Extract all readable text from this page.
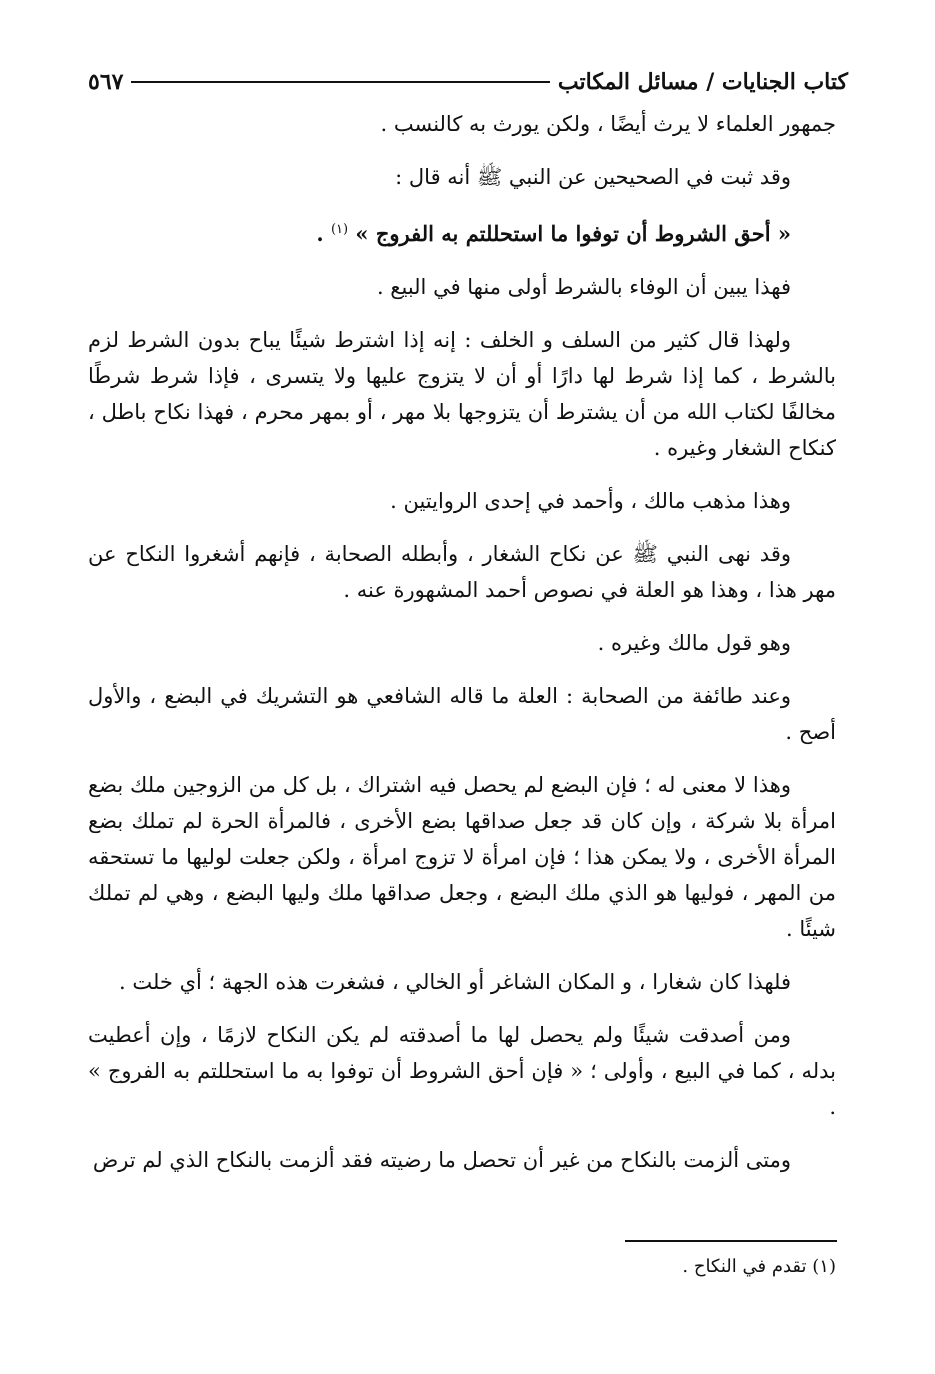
كتاب الجنايات / مسائل المكاتب
٥٦٧

جمهور العلماء لا يرث أيضًا ، ولكن يورث به كالنسب .

وقد ثبت في الصحيحين عن النبي ﷺ أنه قال :

« أحق الشروط أن توفوا ما استحللتم به الفروج » $^{(١)}$ .

فهذا يبين أن الوفاء بالشرط أولى منها في البيع .

ولهذا قال كثير من السلف و الخلف : إنه إذا اشترط شيئًا يباح بدون الشرط لزم بالشرط ، كما إذا شرط لها دارًا أو أن لا يتزوج عليها ولا يتسرى ، فإذا شرط شرطًا مخالفًا لكتاب الله من أن يشترط أن يتزوجها بلا مهر ، أو بمهر محرم ، فهذا نكاح باطل ، كنكاح الشغار وغيره .

وهذا مذهب مالك ، وأحمد في إحدى الروايتين .

وقد نهى النبي ﷺ عن نكاح الشغار ، وأبطله الصحابة ، فإنهم أشغروا النكاح عن مهر هذا ، وهذا هو العلة في نصوص أحمد المشهورة عنه .

وهو قول مالك وغيره .

وعند طائفة من الصحابة : العلة ما قاله الشافعي هو التشريك في البضع ، والأول أصح .

وهذا لا معنى له ؛ فإن البضع لم يحصل فيه اشتراك ، بل كل من الزوجين ملك بضع امرأة بلا شركة ، وإن كان قد جعل صداقها بضع الأخرى ، فالمرأة الحرة لم تملك بضع المرأة الأخرى ، ولا يمكن هذا ؛ فإن امرأة لا تزوج امرأة ، ولكن جعلت لوليها ما تستحقه من المهر ، فوليها هو الذي ملك البضع ، وجعل صداقها ملك وليها البضع ، وهي لم تملك شيئًا .

فلهذا كان شغارا ، و المكان الشاغر أو الخالي ، فشغرت هذه الجهة ؛ أي خلت .

ومن أصدقت شيئًا ولم يحصل لها ما أصدقته لم يكن النكاح لازمًا ، وإن أعطيت بدله ، كما في البيع ، وأولى ؛ « فإن أحق الشروط أن توفوا به ما استحللتم به الفروج » .

ومتى ألزمت بالنكاح من غير أن تحصل ما رضيته فقد ألزمت بالنكاح الذي لم ترض

(١) تقدم في النكاح .
